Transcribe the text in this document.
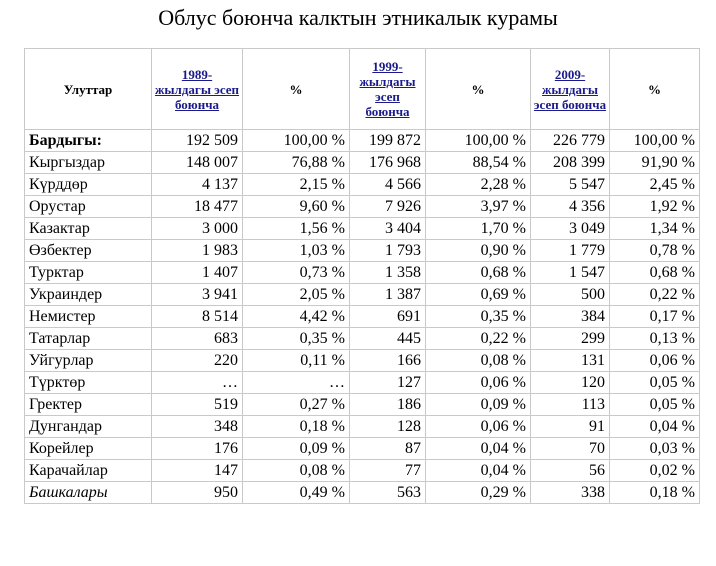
Облус боюнча калктын этникалык курамы
Улуттар	1989-жылдагы эсеп боюнча	%	1999-жылдагы эсеп боюнча	%	2009-жылдагы эсеп боюнча	%
Бардыгы:	192 509	100,00 %	199 872	100,00 %	226 779	100,00 %
Кыргыздар	148 007	76,88 %	176 968	88,54 %	208 399	91,90 %
Күрддөр	4 137	2,15 %	4 566	2,28 %	5 547	2,45 %
Орустар	18 477	9,60 %	7 926	3,97 %	4 356	1,92 %
Казактар	3 000	1,56 %	3 404	1,70 %	3 049	1,34 %
Өзбектер	1 983	1,03 %	1 793	0,90 %	1 779	0,78 %
Турктар	1 407	0,73 %	1 358	0,68 %	1 547	0,68 %
Украиндер	3 941	2,05 %	1 387	0,69 %	500	0,22 %
Немистер	8 514	4,42 %	691	0,35 %	384	0,17 %
Татарлар	683	0,35 %	445	0,22 %	299	0,13 %
Уйгурлар	220	0,11 %	166	0,08 %	131	0,06 %
Түрктөр	…	…	127	0,06 %	120	0,05 %
Гректер	519	0,27 %	186	0,09 %	113	0,05 %
Дунгандар	348	0,18 %	128	0,06 %	91	0,04 %
Корейлер	176	0,09 %	87	0,04 %	70	0,03 %
Карачайлар	147	0,08 %	77	0,04 %	56	0,02 %
Башкалары	950	0,49 %	563	0,29 %	338	0,18 %
